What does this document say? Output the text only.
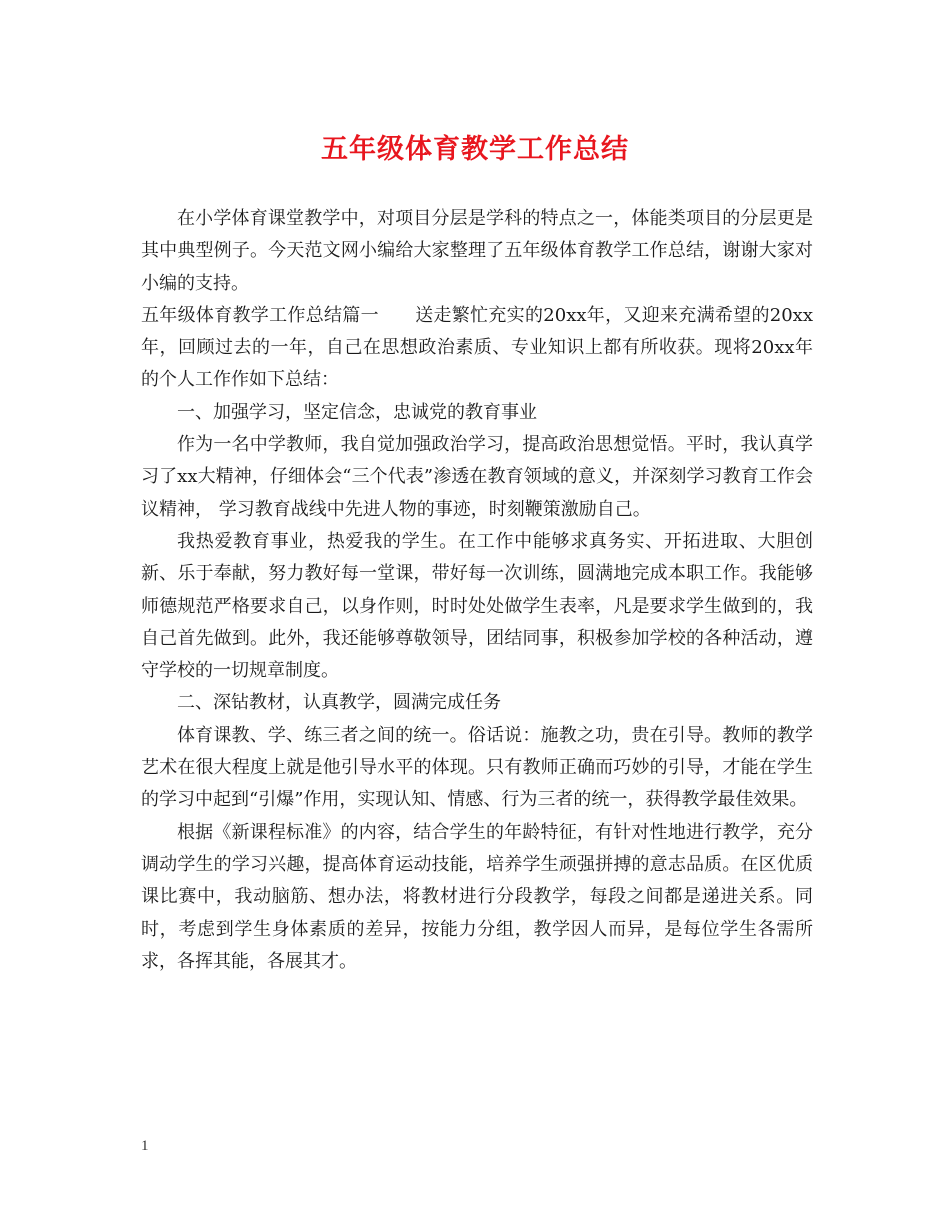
五年级体育教学工作总结

在小学体育课堂教学中，对项目分层是学科的特点之一，体能类项目的分层更是其中典型例子。今天范文网小编给大家整理了五年级体育教学工作总结，谢谢大家对小编的支持。

五年级体育教学工作总结篇一 送走繁忙充实的20xx年，又迎来充满希望的20xx年，回顾过去的一年，自己在思想政治素质、专业知识上都有所收获。现将20xx年的个人工作作如下总结：

一、加强学习，坚定信念，忠诚党的教育事业

作为一名中学教师，我自觉加强政治学习，提高政治思想觉悟。平时，我认真学习了xx大精神，仔细体会“三个代表”渗透在教育领域的意义，并深刻学习教育工作会议精神， 学习教育战线中先进人物的事迹，时刻鞭策激励自己。

我热爱教育事业，热爱我的学生。在工作中能够求真务实、开拓进取、大胆创新、乐于奉献，努力教好每一堂课，带好每一次训练，圆满地完成本职工作。我能够师德规范严格要求自己，以身作则，时时处处做学生表率，凡是要求学生做到的，我自己首先做到。此外，我还能够尊敬领导，团结同事，积极参加学校的各种活动，遵守学校的一切规章制度。

二、深钻教材，认真教学，圆满完成任务

体育课教、学、练三者之间的统一。俗话说：施教之功，贵在引导。教师的教学艺术在很大程度上就是他引导水平的体现。只有教师正确而巧妙的引导，才能在学生的学习中起到“引爆”作用，实现认知、情感、行为三者的统一，获得教学最佳效果。

根据《新课程标准》的内容，结合学生的年龄特征，有针对性地进行教学，充分调动学生的学习兴趣，提高体育运动技能，培养学生顽强拼搏的意志品质。在区优质课比赛中，我动脑筋、想办法，将教材进行分段教学，每段之间都是递进关系。同时，考虑到学生身体素质的差异，按能力分组，教学因人而异，是每位学生各需所求，各挥其能，各展其才。

1
